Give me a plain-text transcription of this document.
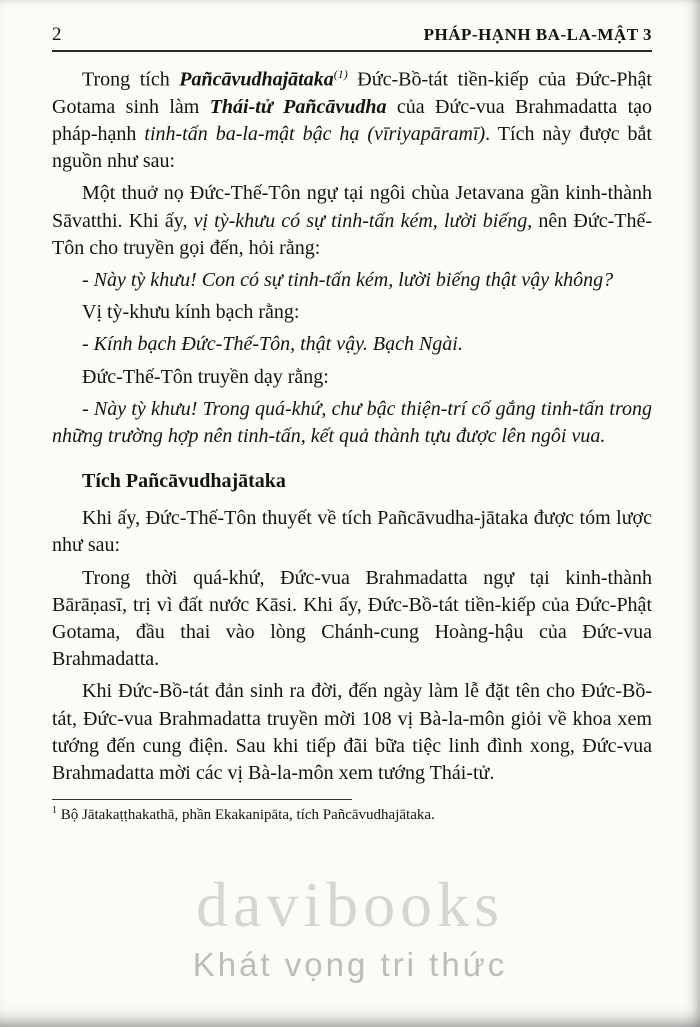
2	PHÁP-HẠNH BA-LA-MẬT 3

Trong tích Pañcāvudhajātaka$^{(1)}$ Đức-Bồ-tát tiền-kiếp của Đức-Phật Gotama sinh làm Thái-tử Pañcāvudha của Đức-vua Brahmadatta tạo pháp-hạnh tinh-tấn ba-la-mật bậc hạ (vīriyapāramī). Tích này được bắt nguồn như sau:

Một thuở nọ Đức-Thế-Tôn ngự tại ngôi chùa Jetavana gần kinh-thành Sāvatthi. Khi ấy, vị tỳ-khưu có sự tinh-tấn kém, lười biếng, nên Đức-Thế-Tôn cho truyền gọi đến, hỏi rằng:

- Này tỳ khưu! Con có sự tinh-tấn kém, lười biếng thật vậy không?

Vị tỳ-khưu kính bạch rằng:

- Kính bạch Đức-Thế-Tôn, thật vậy. Bạch Ngài.

Đức-Thế-Tôn truyền dạy rằng:

- Này tỳ khưu! Trong quá-khứ, chư bậc thiện-trí cố gắng tinh-tấn trong những trường hợp nên tinh-tấn, kết quả thành tựu được lên ngôi vua.

Tích Pañcāvudhajātaka

Khi ấy, Đức-Thế-Tôn thuyết về tích Pañcāvudha-jātaka được tóm lược như sau:

Trong thời quá-khứ, Đức-vua Brahmadatta ngự tại kinh-thành Bārāṇasī, trị vì đất nước Kāsi. Khi ấy, Đức-Bồ-tát tiền-kiếp của Đức-Phật Gotama, đầu thai vào lòng Chánh-cung Hoàng-hậu của Đức-vua Brahmadatta.

Khi Đức-Bồ-tát đản sinh ra đời, đến ngày làm lễ đặt tên cho Đức-Bồ-tát, Đức-vua Brahmadatta truyền mời 108 vị Bà-la-môn giỏi về khoa xem tướng đến cung điện. Sau khi tiếp đãi bữa tiệc linh đình xong, Đức-vua Brahmadatta mời các vị Bà-la-môn xem tướng Thái-tử.

$^1$ Bộ Jātakaṭṭhakathā, phần Ekakanipāta, tích Pañcāvudhajātaka.

davibooks
Khát vọng tri thức
